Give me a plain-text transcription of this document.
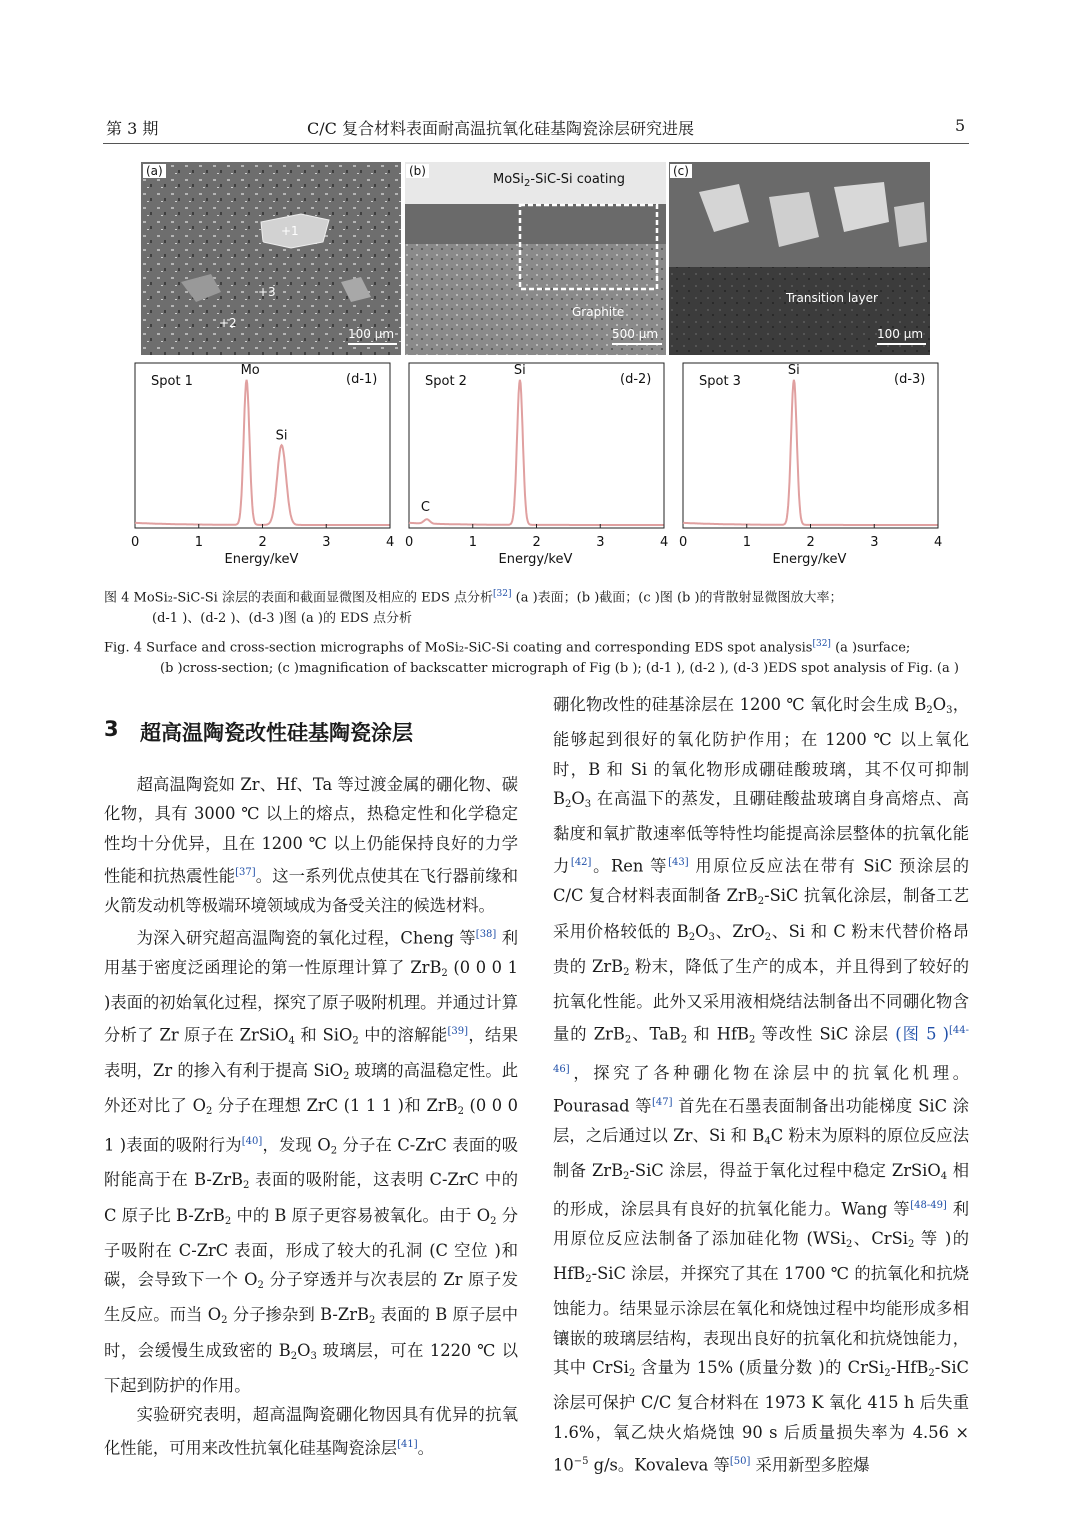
第 3 期	C/C 复合材料表面耐高温抗氧化硅基陶瓷涂层研究进展	5
(a)
+1
+3
+2
100 μm
(b)
MoSi$_2$-SiC-Si coating
Graphite
500 μm
(c)
Transition layer
100 μm
Mo
Si
Spot 1	(d-1)
0	1	2	3	4
Energy/keV
C
Si
Spot 2	(d-2)
0	1	2	3	4
Energy/keV
Si
Spot 3	(d-3)
0	1	2	3	4
Energy/keV
图 4 MoSi₂-SiC-Si 涂层的表面和截面显微图及相应的 EDS 点分析[32] (a )表面；(b )截面；(c )图 (b )的背散射显微图放大率；
(d-1 )、(d-2 )、(d-3 )图 (a )的 EDS 点分析
Fig. 4 Surface and cross-section micrographs of MoSi₂-SiC-Si coating and corresponding EDS spot analysis[32] (a )surface;
(b )cross-section; (c )magnification of backscatter micrograph of Fig (b ); (d-1 ), (d-2 ), (d-3 )EDS spot analysis of Fig. (a )
3 超高温陶瓷改性硅基陶瓷涂层

超高温陶瓷如 Zr、Hf、Ta 等过渡金属的硼化物、碳化物，具有 3000 ℃ 以上的熔点，热稳定性和化学稳定性均十分优异，且在 1200 ℃ 以上仍能保持良好的力学性能和抗热震性能[37]。这一系列优点使其在飞行器前缘和火箭发动机等极端环境领域成为备受关注的候选材料。

为深入研究超高温陶瓷的氧化过程，Cheng 等[38] 利用基于密度泛函理论的第一性原理计算了 ZrB$_2$ (0 0 0 1 )表面的初始氧化过程，探究了原子吸附机理。并通过计算分析了 Zr 原子在 ZrSiO$_4$ 和 SiO$_2$ 中的溶解能[39]，结果表明，Zr 的掺入有利于提高 SiO$_2$ 玻璃的高温稳定性。此外还对比了 $O_2$ 分子在理想 ZrC (1 1 1 )和 ZrB$_2$ (0 0 0 1 )表面的吸附行为[40]，发现 $O_2$ 分子在 C-ZrC 表面的吸附能高于在 B-ZrB$_2$ 表面的吸附能，这表明 C-ZrC 中的 C 原子比 B-ZrB$_2$ 中的 B 原子更容易被氧化。由于 $O_2$ 分子吸附在 C-ZrC 表面，形成了较大的孔洞 (C 空位 )和碳，会导致下一个 $O_2$ 分子穿透并与次表层的 Zr 原子发生反应。而当 $O_2$ 分子掺杂到 B-ZrB$_2$ 表面的 B 原子层中时，会缓慢生成致密的 $B_2O_3$ 玻璃层，可在 1220 ℃ 以下起到防护的作用。

实验研究表明，超高温陶瓷硼化物因具有优异的抗氧化性能，可用来改性抗氧化硅基陶瓷涂层[41]。

硼化物改性的硅基涂层在 1200 ℃ 氧化时会生成 $B_2O_3$，能够起到很好的氧化防护作用；在 1200 ℃ 以上氧化时，B 和 Si 的氧化物形成硼硅酸玻璃，其不仅可抑制 $B_2O_3$ 在高温下的蒸发，且硼硅酸盐玻璃自身高熔点、高黏度和氧扩散速率低等特性均能提高涂层整体的抗氧化能力[42]。Ren 等[43] 用原位反应法在带有 SiC 预涂层的 C/C 复合材料表面制备 ZrB$_2$-SiC 抗氧化涂层，制备工艺采用价格较低的 $B_2O_3$、ZrO$_2$、Si 和 C 粉末代替价格昂贵的 ZrB$_2$ 粉末，降低了生产的成本，并且得到了较好的抗氧化性能。此外又采用液相烧结法制备出不同硼化物含量的 ZrB$_2$、TaB$_2$ 和 HfB$_2$ 等改性 SiC 涂层 (图 5 )[44-46]，探究了各种硼化物在涂层中的抗氧化机理。Pourasad 等[47] 首先在石墨表面制备出功能梯度 SiC 涂层，之后通过以 Zr、Si 和 $B_4C$ 粉末为原料的原位反应法制备 ZrB$_2$-SiC 涂层，得益于氧化过程中稳定 ZrSiO$_4$ 相的形成，涂层具有良好的抗氧化能力。Wang 等[48-49] 利用原位反应法制备了添加硅化物 (WSi$_2$、CrSi$_2$ 等 )的 HfB$_2$-SiC 涂层，并探究了其在 1700 ℃ 的抗氧化和抗烧蚀能力。结果显示涂层在氧化和烧蚀过程中均能形成多相镶嵌的玻璃层结构，表现出良好的抗氧化和抗烧蚀能力，其中 CrSi$_2$ 含量为 15% (质量分数 )的 CrSi$_2$-HfB$_2$-SiC 涂层可保护 C/C 复合材料在 1973 K 氧化 415 h 后失重 1.6%，氧乙炔火焰烧蚀 90 s 后质量损失率为 $4.56 \times 10^{-5}$ g/s。Kovaleva 等[50] 采用新型多腔爆
